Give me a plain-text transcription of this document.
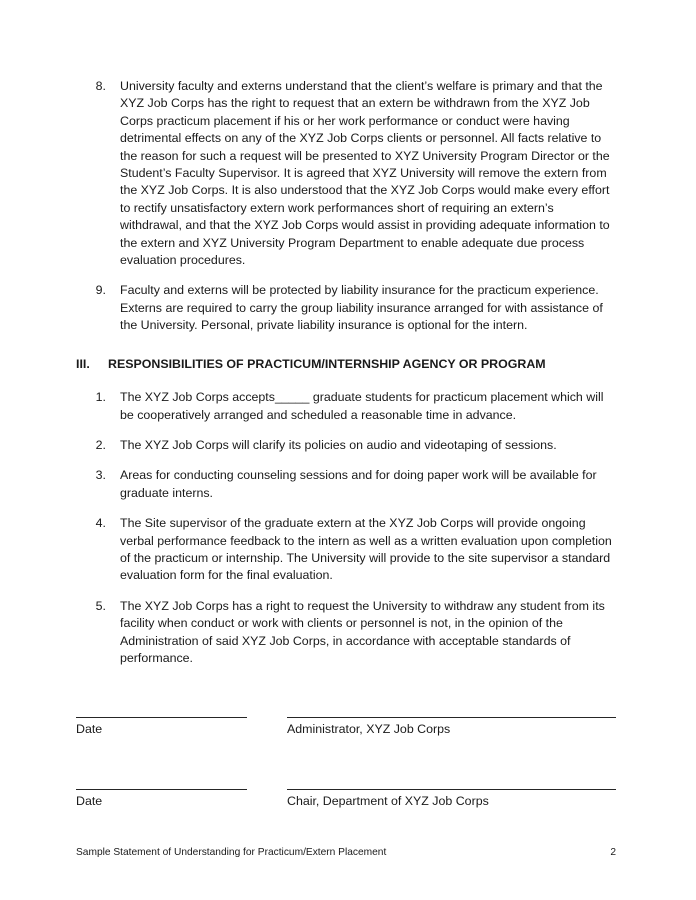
8. University faculty and externs understand that the client’s welfare is primary and that the XYZ Job Corps has the right to request that an extern be withdrawn from the XYZ Job Corps practicum placement if his or her work performance or conduct were having detrimental effects on any of the XYZ Job Corps clients or personnel. All facts relative to the reason for such a request will be presented to XYZ University Program Director or the Student’s Faculty Supervisor. It is agreed that XYZ University will remove the extern from the XYZ Job Corps. It is also understood that the XYZ Job Corps would make every effort to rectify unsatisfactory extern work performances short of requiring an extern’s withdrawal, and that the XYZ Job Corps would assist in providing adequate information to the extern and XYZ University Program Department to enable adequate due process evaluation procedures.
9. Faculty and externs will be protected by liability insurance for the practicum experience. Externs are required to carry the group liability insurance arranged for with assistance of the University. Personal, private liability insurance is optional for the intern.
III.	RESPONSIBILITIES OF PRACTICUM/INTERNSHIP AGENCY OR PROGRAM
1. The XYZ Job Corps accepts_____ graduate students for practicum placement which will be cooperatively arranged and scheduled a reasonable time in advance.
2. The XYZ Job Corps will clarify its policies on audio and videotaping of sessions.
3. Areas for conducting counseling sessions and for doing paper work will be available for graduate interns.
4. The Site supervisor of the graduate extern at the XYZ Job Corps will provide ongoing verbal performance feedback to the intern as well as a written evaluation upon completion of the practicum or internship. The University will provide to the site supervisor a standard evaluation form for the final evaluation.
5. The XYZ Job Corps has a right to request the University to withdraw any student from its facility when conduct or work with clients or personnel is not, in the opinion of the Administration of said XYZ Job Corps, in accordance with acceptable standards of performance.
Date	Administrator, XYZ Job Corps
Date	Chair, Department of XYZ Job Corps
Sample Statement of Understanding for Practicum/Extern Placement	2
